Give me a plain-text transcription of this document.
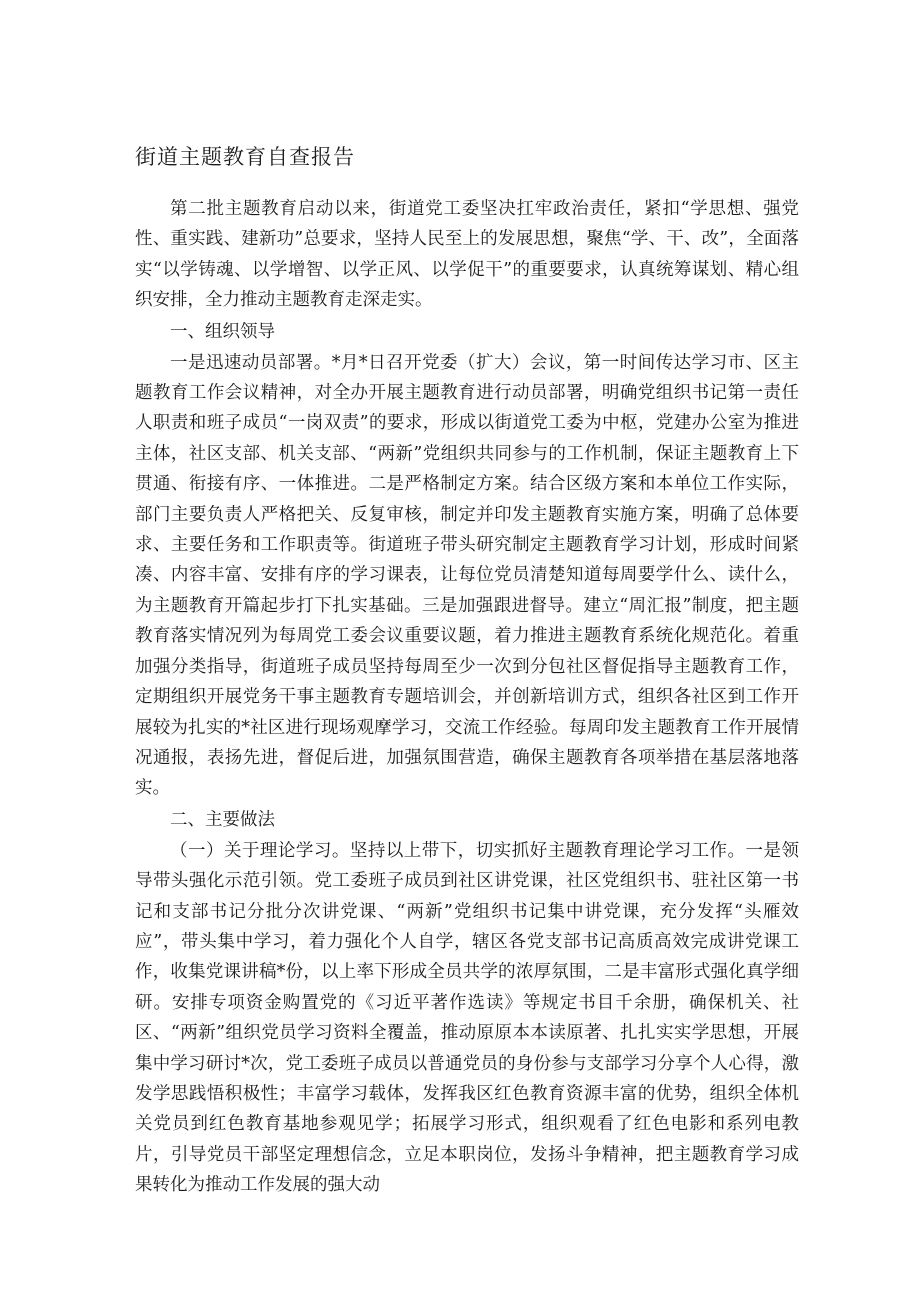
街道主题教育自查报告

第二批主题教育启动以来，街道党工委坚决扛牢政治责任，紧扣“学思想、强党性、重实践、建新功”总要求，坚持人民至上的发展思想，聚焦“学、干、改”，全面落实“以学铸魂、以学增智、以学正风、以学促干”的重要要求，认真统筹谋划、精心组织安排，全力推动主题教育走深走实。

一、组织领导

一是迅速动员部署。*月*日召开党委（扩大）会议，第一时间传达学习市、区主题教育工作会议精神，对全办开展主题教育进行动员部署，明确党组织书记第一责任人职责和班子成员“一岗双责”的要求，形成以街道党工委为中枢，党建办公室为推进主体，社区支部、机关支部、“两新”党组织共同参与的工作机制，保证主题教育上下贯通、衔接有序、一体推进。二是严格制定方案。结合区级方案和本单位工作实际，部门主要负责人严格把关、反复审核，制定并印发主题教育实施方案，明确了总体要求、主要任务和工作职责等。街道班子带头研究制定主题教育学习计划，形成时间紧凑、内容丰富、安排有序的学习课表，让每位党员清楚知道每周要学什么、读什么，为主题教育开篇起步打下扎实基础。三是加强跟进督导。建立“周汇报”制度，把主题教育落实情况列为每周党工委会议重要议题，着力推进主题教育系统化规范化。着重加强分类指导，街道班子成员坚持每周至少一次到分包社区督促指导主题教育工作，定期组织开展党务干事主题教育专题培训会，并创新培训方式，组织各社区到工作开展较为扎实的*社区进行现场观摩学习，交流工作经验。每周印发主题教育工作开展情况通报，表扬先进，督促后进，加强氛围营造，确保主题教育各项举措在基层落地落实。

二、主要做法

（一）关于理论学习。坚持以上带下，切实抓好主题教育理论学习工作。一是领导带头强化示范引领。党工委班子成员到社区讲党课，社区党组织书、驻社区第一书记和支部书记分批分次讲党课、“两新”党组织书记集中讲党课，充分发挥“头雁效应”，带头集中学习，着力强化个人自学，辖区各党支部书记高质高效完成讲党课工作，收集党课讲稿*份，以上率下形成全员共学的浓厚氛围，二是丰富形式强化真学细研。安排专项资金购置党的《习近平著作选读》等规定书目千余册，确保机关、社区、“两新”组织党员学习资料全覆盖，推动原原本本读原著、扎扎实实学思想，开展集中学习研讨*次，党工委班子成员以普通党员的身份参与支部学习分享个人心得，激发学思践悟积极性；丰富学习载体，发挥我区红色教育资源丰富的优势，组织全体机关党员到红色教育基地参观见学；拓展学习形式，组织观看了红色电影和系列电教片，引导党员干部坚定理想信念，立足本职岗位，发扬斗争精神，把主题教育学习成果转化为推动工作发展的强大动
